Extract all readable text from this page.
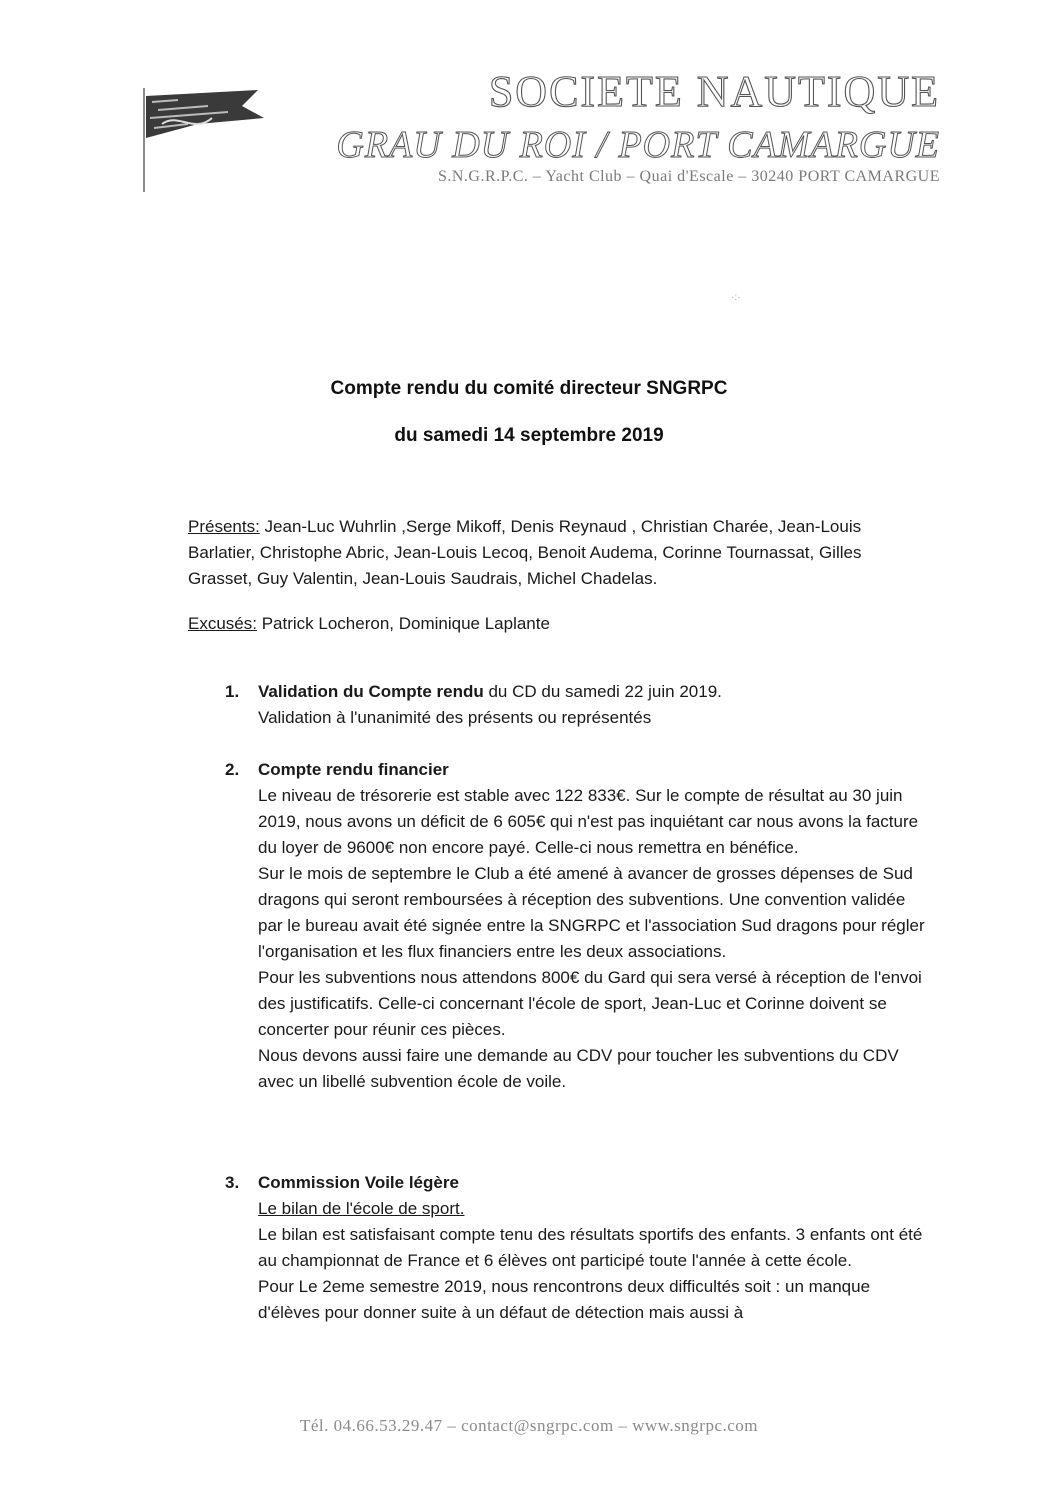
SOCIETE NAUTIQUE
GRAU DU ROI / PORT CAMARGUE
S.N.G.R.P.C. – Yacht Club – Quai d'Escale – 30240 PORT CAMARGUE
·:·
Compte rendu du comité directeur SNGRPC
du samedi 14 septembre 2019
Présents: Jean-Luc Wuhrlin ,Serge Mikoff, Denis Reynaud , Christian Charée, Jean-Louis Barlatier, Christophe Abric, Jean-Louis Lecoq, Benoit Audema, Corinne Tournassat, Gilles Grasset, Guy Valentin, Jean-Louis Saudrais, Michel Chadelas.
Excusés: Patrick Locheron, Dominique Laplante
1. Validation du Compte rendu du CD du samedi 22 juin 2019.
Validation à l'unanimité des présents ou représentés
2. Compte rendu financier
Le niveau de trésorerie est stable avec 122 833€. Sur le compte de résultat au 30 juin 2019, nous avons un déficit de 6 605€ qui n'est pas inquiétant car nous avons la facture du loyer de 9600€ non encore payé. Celle-ci nous remettra en bénéfice.
Sur le mois de septembre le Club a été amené à avancer de grosses dépenses de Sud dragons qui seront remboursées à réception des subventions. Une convention validée par le bureau avait été signée entre la SNGRPC et l'association Sud dragons pour régler l'organisation et les flux financiers entre les deux associations.
Pour les subventions nous attendons 800€ du Gard qui sera versé à réception de l'envoi des justificatifs. Celle-ci concernant l'école de sport, Jean-Luc et Corinne doivent se concerter pour réunir ces pièces.
Nous devons aussi faire une demande au CDV pour toucher les subventions du CDV avec un libellé subvention école de voile.
3. Commission Voile légère
Le bilan de l'école de sport.
Le bilan est satisfaisant compte tenu des résultats sportifs des enfants. 3 enfants ont été au championnat de France et 6 élèves ont participé toute l'année à cette école.
Pour Le 2eme semestre 2019, nous rencontrons deux difficultés soit : un manque d'élèves pour donner suite à un défaut de détection mais aussi à
Tél. 04.66.53.29.47 – contact@sngrpc.com – www.sngrpc.com
